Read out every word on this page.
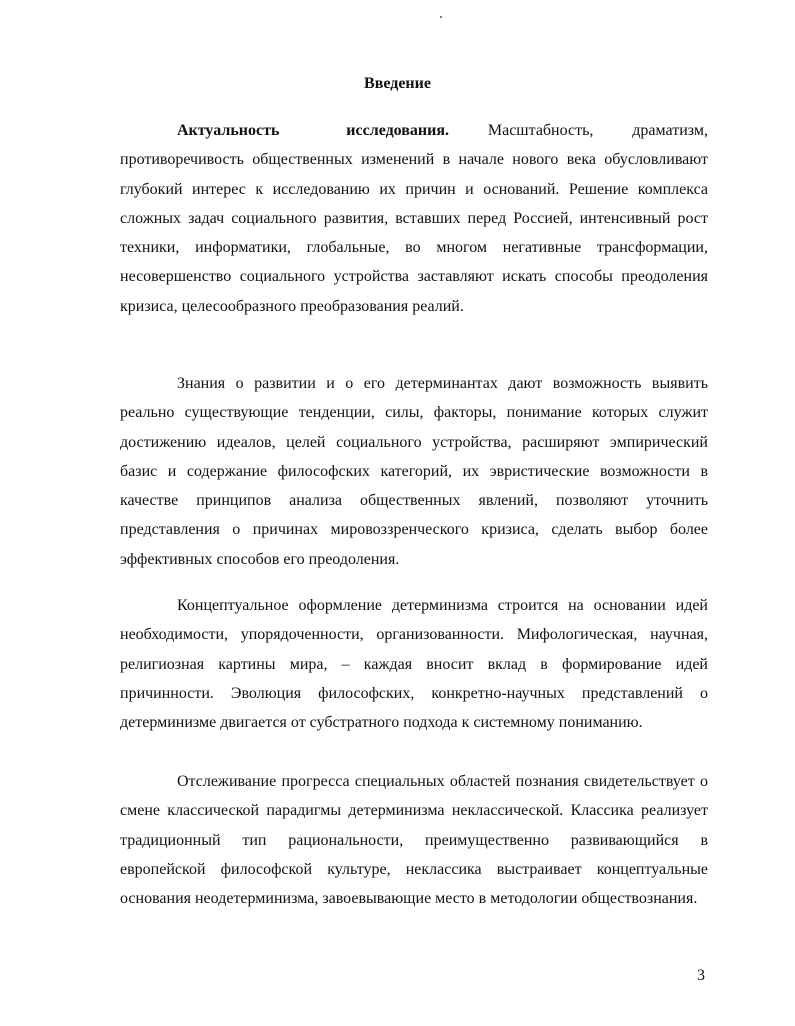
Введение

Актуальность исследования. Масштабность, драматизм, противоречивость общественных изменений в начале нового века обусловливают глубокий интерес к исследованию их причин и оснований. Решение комплекса сложных задач социального развития, вставших перед Россией, интенсивный рост техники, информатики, глобальные, во многом негативные трансформации, несовершенство социального устройства заставляют искать способы преодоления кризиса, целесообразного преобразования реалий.

Знания о развитии и о его детерминантах дают возможность выявить реально существующие тенденции, силы, факторы, понимание которых служит достижению идеалов, целей социального устройства, расширяют эмпирический базис и содержание философских категорий, их эвристические возможности в качестве принципов анализа общественных явлений, позволяют уточнить представления о причинах мировоззренческого кризиса, сделать выбор более эффективных способов его преодоления.

Концептуальное оформление детерминизма строится на основании идей необходимости, упорядоченности, организованности. Мифологическая, научная, религиозная картины мира, – каждая вносит вклад в формирование идей причинности. Эволюция философских, конкретно-научных представлений о детерминизме двигается от субстратного подхода к системному пониманию.

Отслеживание прогресса специальных областей познания свидетельствует о смене классической парадигмы детерминизма неклассической. Классика реализует традиционный тип рациональности, преимущественно развивающийся в европейской философской культуре, неклассика выстраивает концептуальные основания неодетерминизма, завоевывающие место в методологии обществознания.

3
